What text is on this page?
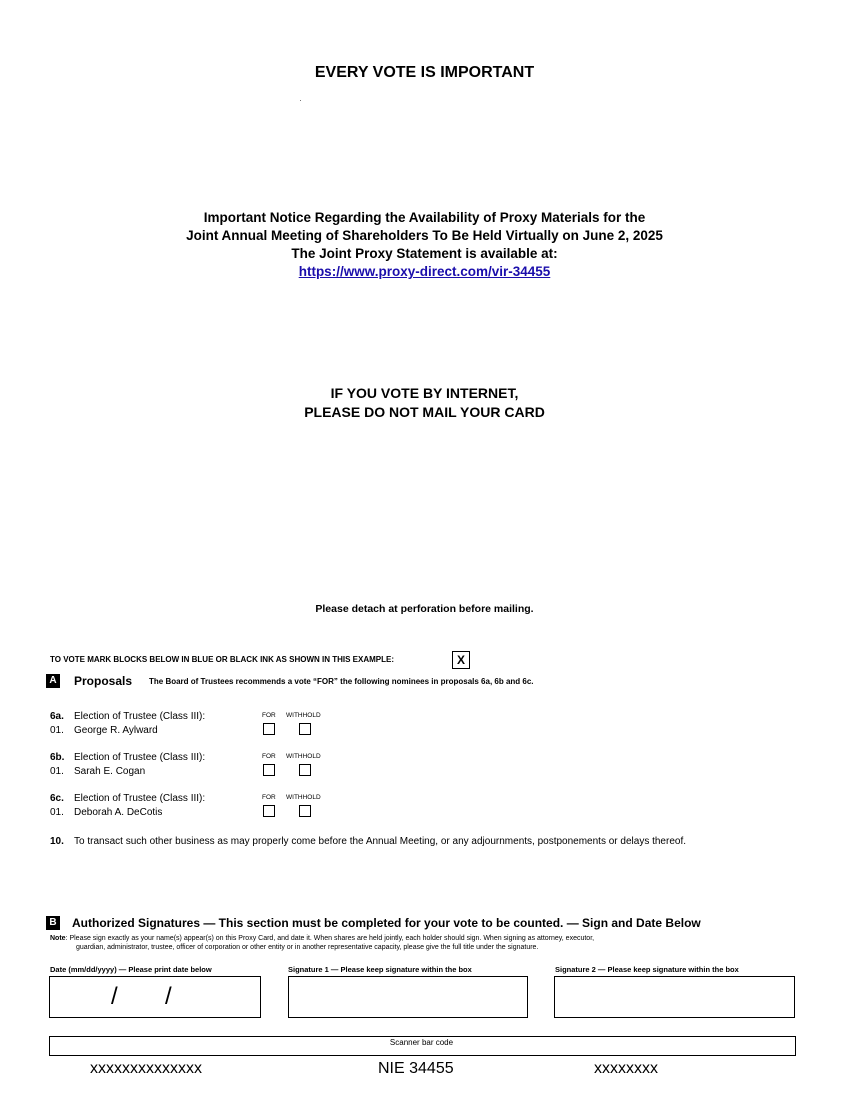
EVERY VOTE IS IMPORTANT
Important Notice Regarding the Availability of Proxy Materials for the
Joint Annual Meeting of Shareholders To Be Held Virtually on June 2, 2025
The Joint Proxy Statement is available at:
https://www.proxy-direct.com/vir-34455
IF YOU VOTE BY INTERNET,
PLEASE DO NOT MAIL YOUR CARD
Please detach at perforation before mailing.
TO VOTE MARK BLOCKS BELOW IN BLUE OR BLACK INK AS SHOWN IN THIS EXAMPLE:	X
A Proposals The Board of Trustees recommends a vote “FOR” the following nominees in proposals 6a, 6b and 6c.
6a. Election of Trustee (Class III):
01. George R. Aylward
FOR WITHHOLD
6b. Election of Trustee (Class III):
01. Sarah E. Cogan
FOR WITHHOLD
6c. Election of Trustee (Class III):
01. Deborah A. DeCotis
FOR WITHHOLD
10. To transact such other business as may properly come before the Annual Meeting, or any adjournments, postponements or delays thereof.
B Authorized Signatures — This section must be completed for your vote to be counted. — Sign and Date Below
Note: Please sign exactly as your name(s) appear(s) on this Proxy Card, and date it. When shares are held jointly, each holder should sign. When signing as attorney, executor,
guardian, administrator, trustee, officer of corporation or other entity or in another representative capacity, please give the full title under the signature.
Date (mm/dd/yyyy) — Please print date below	Signature 1 — Please keep signature within the box	Signature 2 — Please keep signature within the box
/ /
Scanner bar code
xxxxxxxxxxxxxx	NIE 34455	xxxxxxxx
